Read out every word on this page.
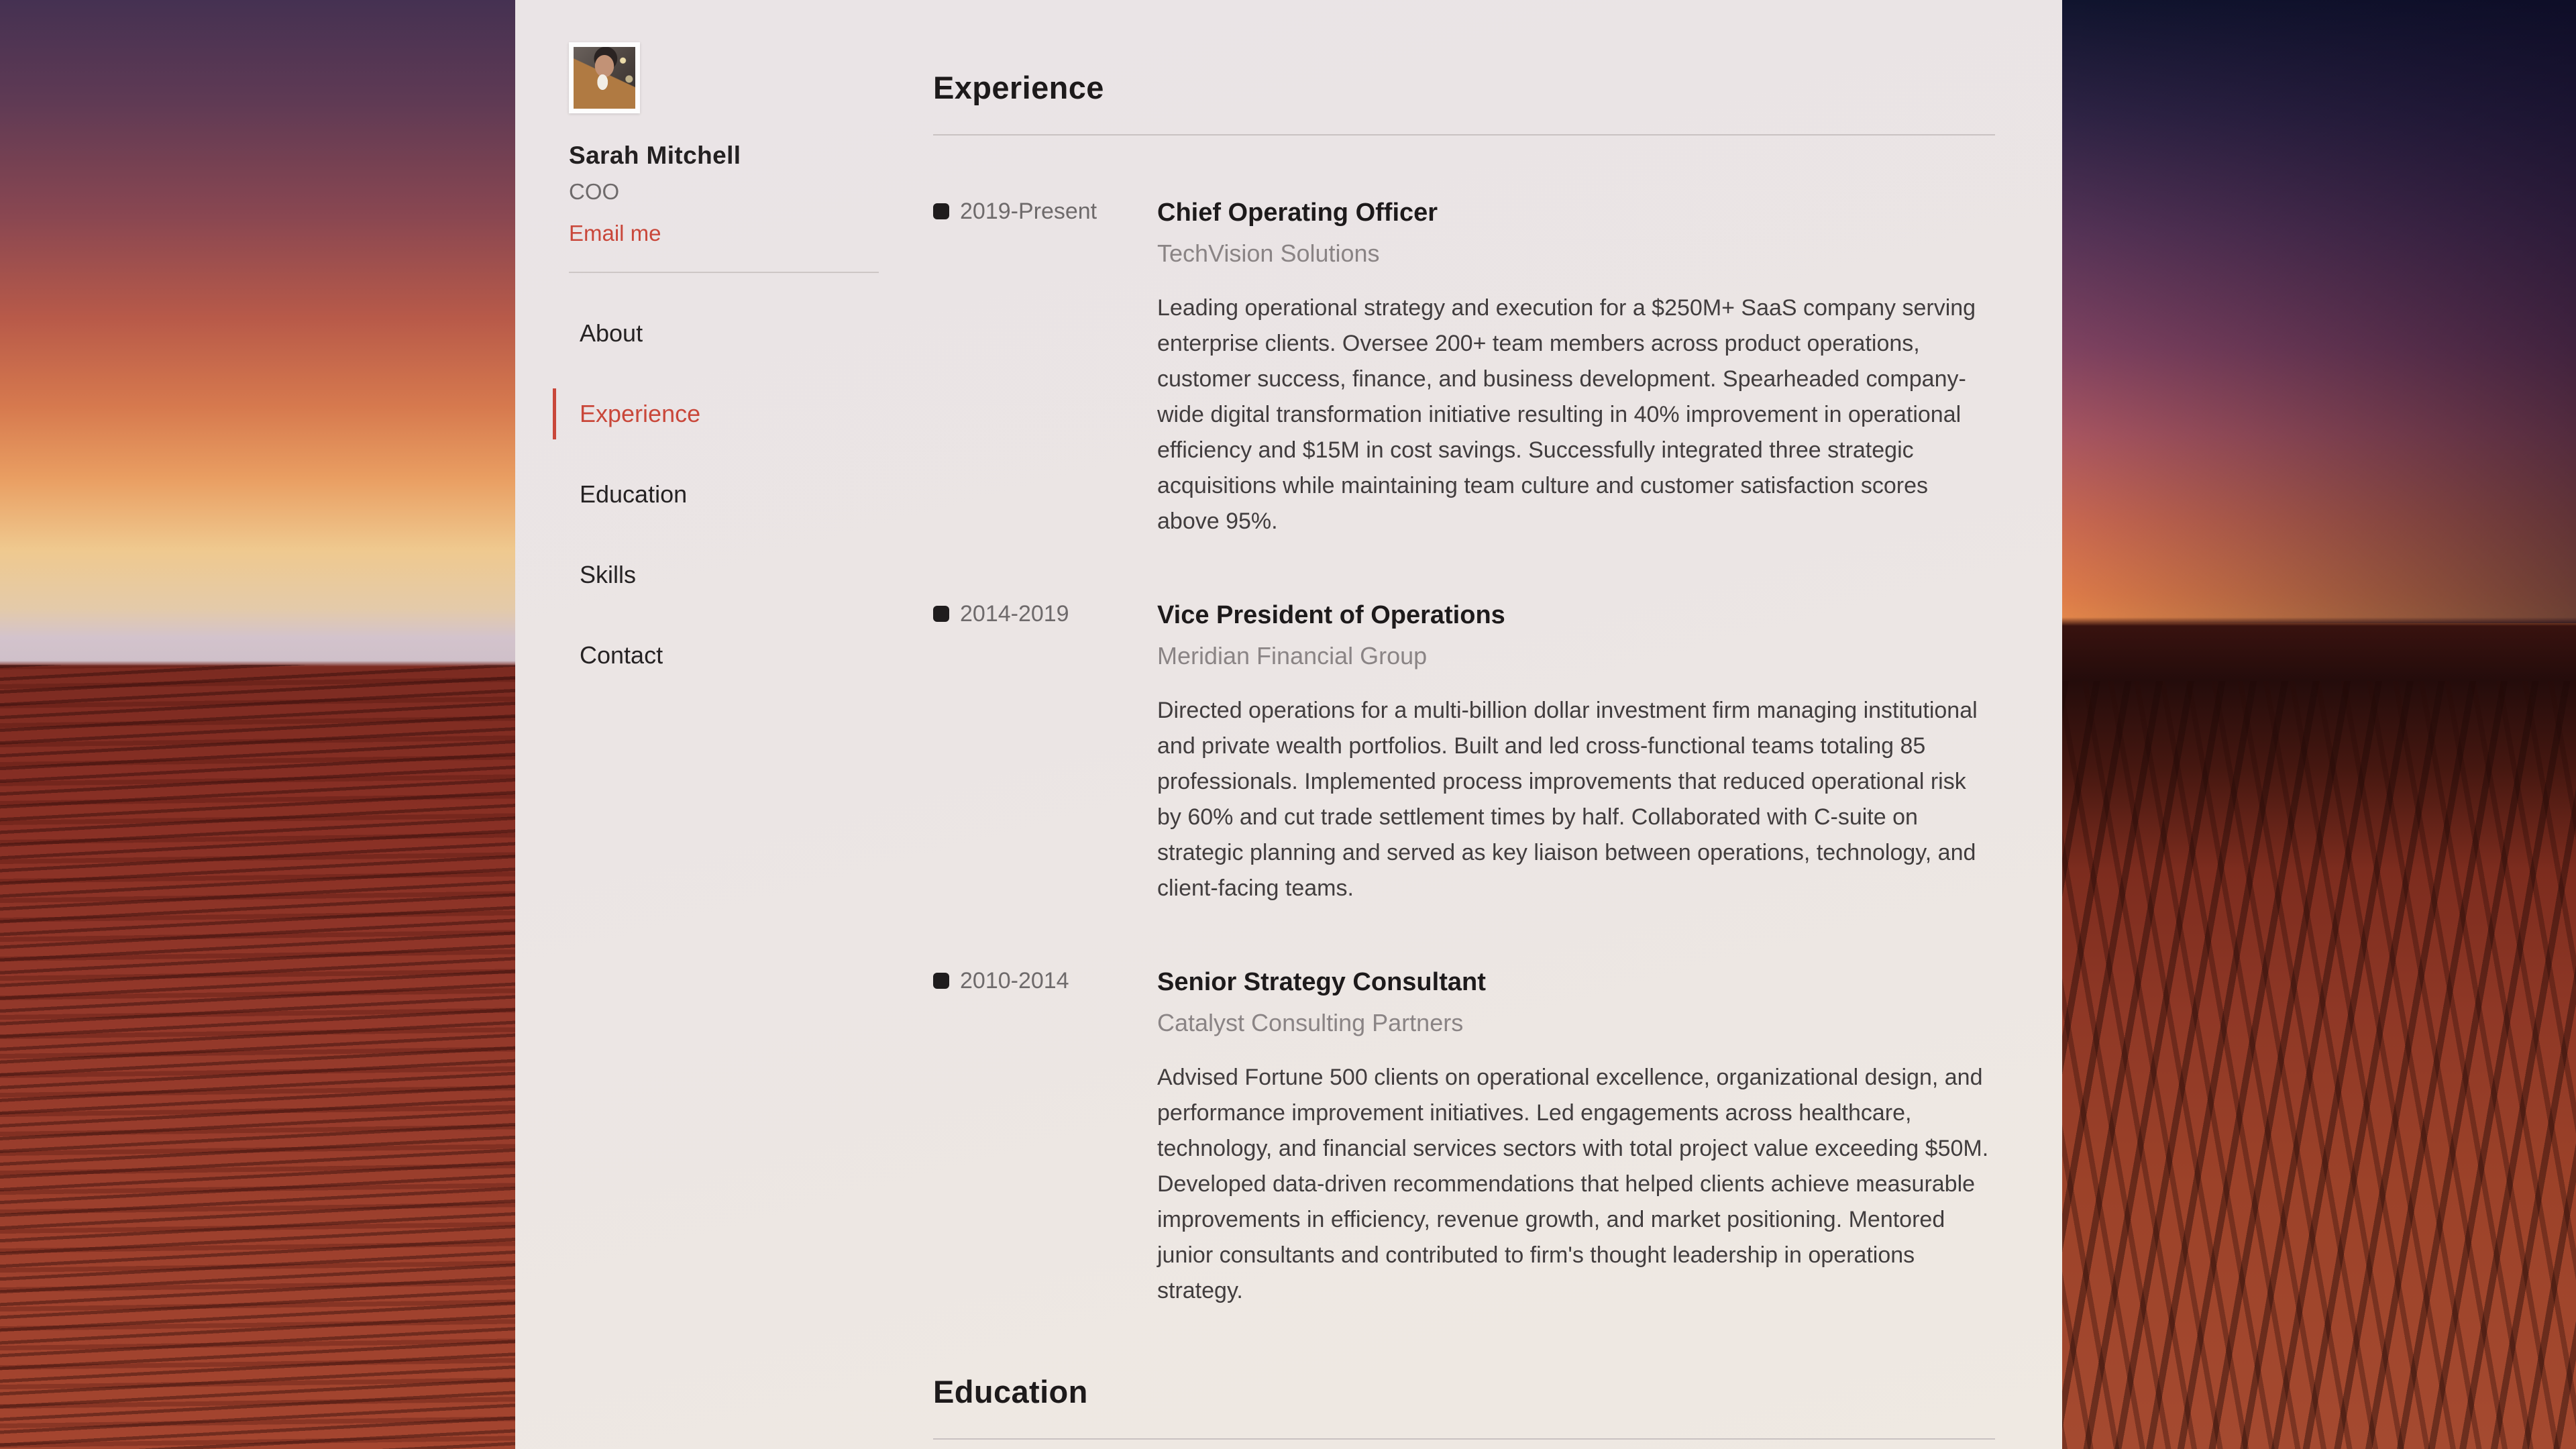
Sarah Mitchell
COO
Email me
About
Experience
Education
Skills
Contact
Experience
2019-Present Chief Operating Officer
TechVision Solutions
Leading operational strategy and execution for a $250M+ SaaS company serving enterprise clients. Oversee 200+ team members across product operations, customer success, finance, and business development. Spearheaded company-wide digital transformation initiative resulting in 40% improvement in operational efficiency and $15M in cost savings. Successfully integrated three strategic acquisitions while maintaining team culture and customer satisfaction scores above 95%.
2014-2019	Vice President of Operations
Meridian Financial Group
Directed operations for a multi-billion dollar investment firm managing institutional and private wealth portfolios. Built and led cross-functional teams totaling 85 professionals. Implemented process improvements that reduced operational risk by 60% and cut trade settlement times by half. Collaborated with C-suite on strategic planning and served as key liaison between operations, technology, and client-facing teams.
2010-2014	Senior Strategy Consultant
Catalyst Consulting Partners
Advised Fortune 500 clients on operational excellence, organizational design, and performance improvement initiatives. Led engagements across healthcare, technology, and financial services sectors with total project value exceeding $50M. Developed data-driven recommendations that helped clients achieve measurable improvements in efficiency, revenue growth, and market positioning. Mentored junior consultants and contributed to firm's thought leadership in operations strategy.
Education
